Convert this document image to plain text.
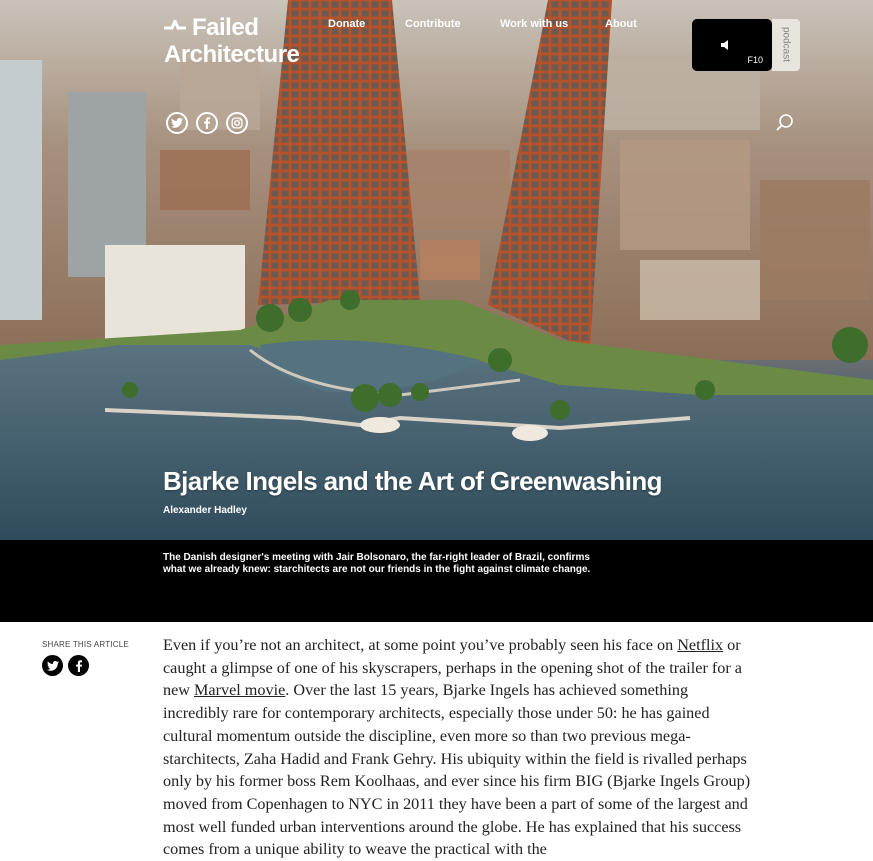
Failed
Architecture
Donate	Contribute	Work with us	About
F10	podcast
Bjarke Ingels and the Art of Greenwashing
Alexander Hadley

The Danish designer's meeting with Jair Bolsonaro, the far-right leader of Brazil, confirms what we already knew: starchitects are not our friends in the fight against climate change.

SHARE THIS ARTICLE Even if you’re not an architect, at some point you’ve probably seen his face on Netflix or caught a glimpse of one of his skyscrapers, perhaps in the opening shot of the trailer for a new Marvel movie. Over the last 15 years, Bjarke Ingels has achieved something incredibly rare for contemporary architects, especially those under 50: he has gained cultural momentum outside the discipline, even more so than two previous mega-starchitects, Zaha Hadid and Frank Gehry. His ubiquity within the field is rivalled perhaps only by his former boss Rem Koolhaas, and ever since his firm BIG (Bjarke Ingels Group) moved from Copenhagen to NYC in 2011 they have been a part of some of the largest and most well funded urban interventions around the globe. He has explained that his success comes from a unique ability to weave the practical with the
